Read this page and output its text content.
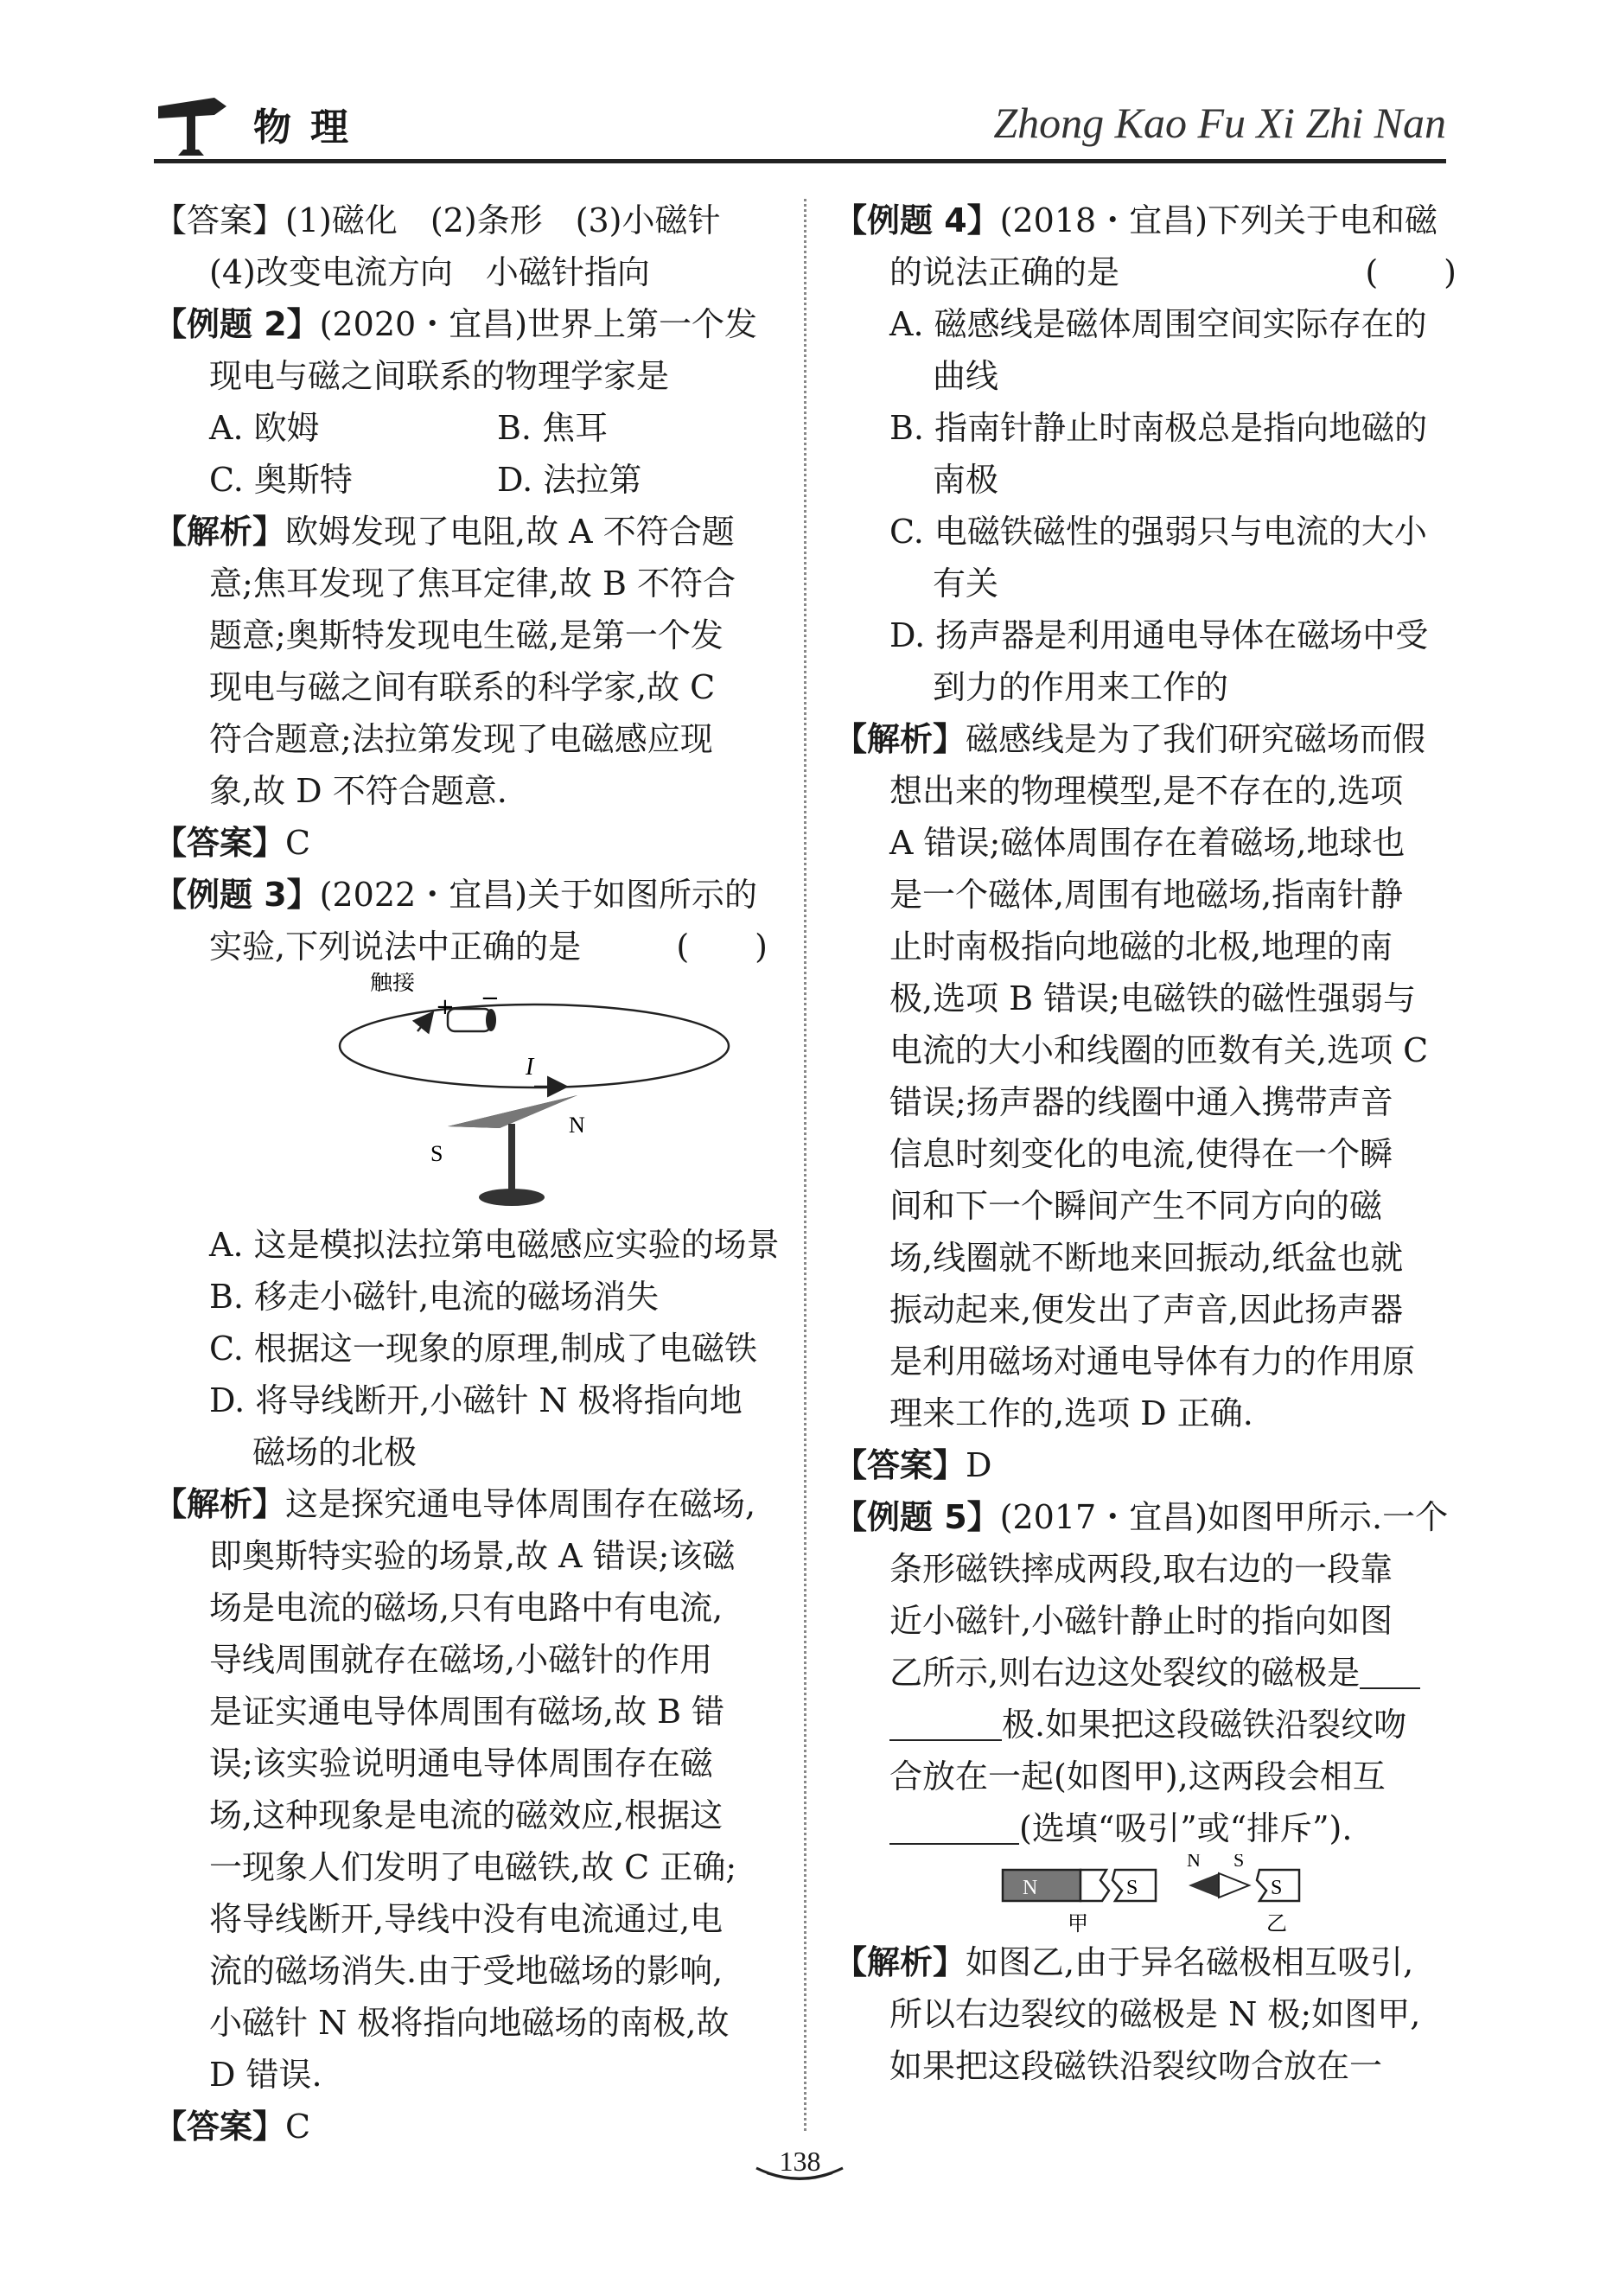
物理	Zhong Kao Fu Xi Zhi Nan

【答案】(1)磁化　(2)条形　(3)小磁针

(4)改变电流方向　小磁针指向

【例题 2】(2020・宜昌)世界上第一个发

现电与磁之间联系的物理学家是

A. 欧姆	B. 焦耳
C. 奥斯特	D. 法拉第

【解析】欧姆发现了电阻,故 A 不符合题

意;焦耳发现了焦耳定律,故 B 不符合

题意;奥斯特发现电生磁,是第一个发

现电与磁之间有联系的科学家,故 C

符合题意;法拉第发现了电磁感应现

象,故 D 不符合题意.

【答案】C

【例题 3】(2022・宜昌)关于如图所示的

实验,下列说法中正确的是	(　　)

触接
+ −
I
S
N

A. 这是模拟法拉第电磁感应实验的场景

B. 移走小磁针,电流的磁场消失

C. 根据这一现象的原理,制成了电磁铁

D. 将导线断开,小磁针 N 极将指向地

磁场的北极

【解析】这是探究通电导体周围存在磁场,

即奥斯特实验的场景,故 A 错误;该磁

场是电流的磁场,只有电路中有电流,

导线周围就存在磁场,小磁针的作用

是证实通电导体周围有磁场,故 B 错

误;该实验说明通电导体周围存在磁

场,这种现象是电流的磁效应,根据这

一现象人们发明了电磁铁,故 C 正确;

将导线断开,导线中没有电流通过,电

流的磁场消失.由于受地磁场的影响,

小磁针 N 极将指向地磁场的南极,故

D 错误.

【答案】C

【例题 4】(2018・宜昌)下列关于电和磁

的说法正确的是	(　　)

A. 磁感线是磁体周围空间实际存在的

曲线

B. 指南针静止时南极总是指向地磁的

南极

C. 电磁铁磁性的强弱只与电流的大小

有关

D. 扬声器是利用通电导体在磁场中受

到力的作用来工作的

【解析】磁感线是为了我们研究磁场而假

想出来的物理模型,是不存在的,选项

A 错误;磁体周围存在着磁场,地球也

是一个磁体,周围有地磁场,指南针静

止时南极指向地磁的北极,地理的南

极,选项 B 错误;电磁铁的磁性强弱与

电流的大小和线圈的匝数有关,选项 C

错误;扬声器的线圈中通入携带声音

信息时刻变化的电流,使得在一个瞬

间和下一个瞬间产生不同方向的磁

场,线圈就不断地来回振动,纸盆也就

振动起来,便发出了声音,因此扬声器

是利用磁场对通电导体有力的作用原

理来工作的,选项 D 正确.

【答案】D

【例题 5】(2017・宜昌)如图甲所示.一个

条形磁铁摔成两段,取右边的一段靠

近小磁针,小磁针静止时的指向如图

乙所示,则右边这处裂纹的磁极是

极.如果把这段磁铁沿裂纹吻

合放在一起(如图甲),这两段会相互

(选填“吸引”或“排斥”).

N	S
N S
S
甲	乙

【解析】如图乙,由于异名磁极相互吸引,

所以右边裂纹的磁极是 N 极;如图甲,

如果把这段磁铁沿裂纹吻合放在一

138
